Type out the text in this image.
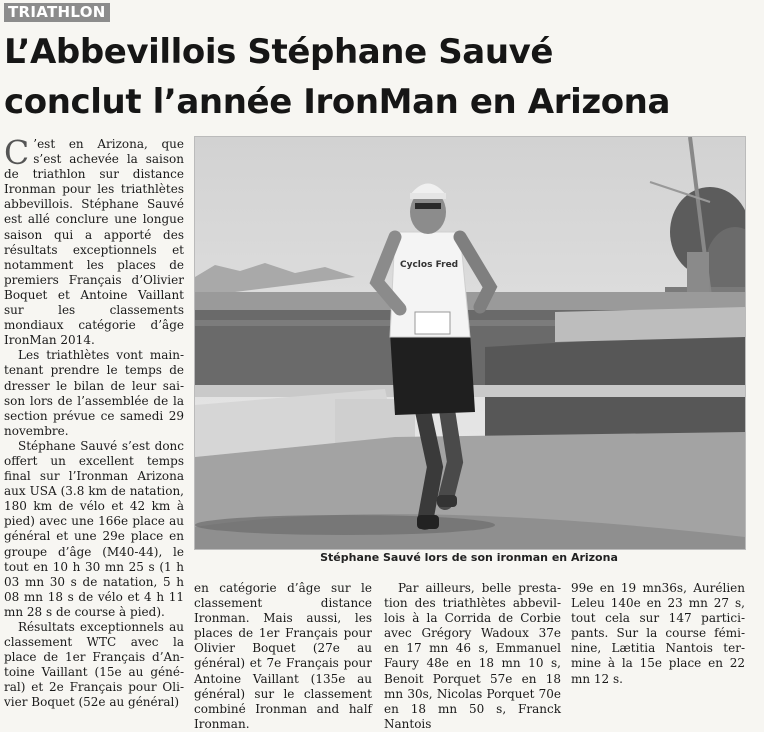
TRIATHLON
L’Abbevillois Stéphane Sauvé
conclut l’année IronMan en Arizona

C ’est en Arizona, que s’est achevée la saison de triathlon sur distance Ironman pour les triathlètes abbevillois. Stéphane Sauvé est allé conclure une longue saison qui a apporté des résultats exceptionnels et notamment les places de premiers Français d’Olivier Boquet et Antoine Vaillant sur les classements mondiaux catégorie d’âge IronMan 2014.

Les triathlètes vont maintenant prendre le temps de dresser le bilan de leur saison lors de l’assemblée de la section prévue ce samedi 29 novembre.

Stéphane Sauvé s’est donc offert un excellent temps final sur l’Ironman Arizona aux USA (3.8 km de natation, 180 km de vélo et 42 km à pied) avec une 166e place au général et une 29e place en groupe d’âge (M40-44), le tout en 10 h 30 mn 25 s (1 h 03 mn 30 s de natation, 5 h 08 mn 18 s de vélo et 4 h 11 mn 28 s de course à pied).

Résultats exceptionnels au classement WTC avec la place de 1er Français d’Antoine Vaillant (15e au général) et 2e Français pour Olivier Boquet (52e au général)

Cyclos Fred
Stéphane Sauvé lors de son ironman en Arizona

en catégorie d’âge sur le classement distance Ironman. Mais aussi, les places de 1er Français pour Olivier Boquet (27e au général) et 7e Français pour Antoine Vaillant (135e au général) sur le classement combiné Ironman and half Ironman.

Par ailleurs, belle prestation des triathlètes abbevillois à la Corrida de Corbie avec Grégory Wadoux 37e en 17 mn 46 s, Emmanuel Faury 48e en 18 mn 10 s, Benoit Porquet 57e en 18 mn 30s, Nicolas Porquet 70e en 18 mn 50 s, Franck Nantois

99e en 19 mn36s, Aurélien Leleu 140e en 23 mn 27 s, tout cela sur 147 participants. Sur la course féminine, Lætitia Nantois termine à la 15e place en 22 mn 12 s.
